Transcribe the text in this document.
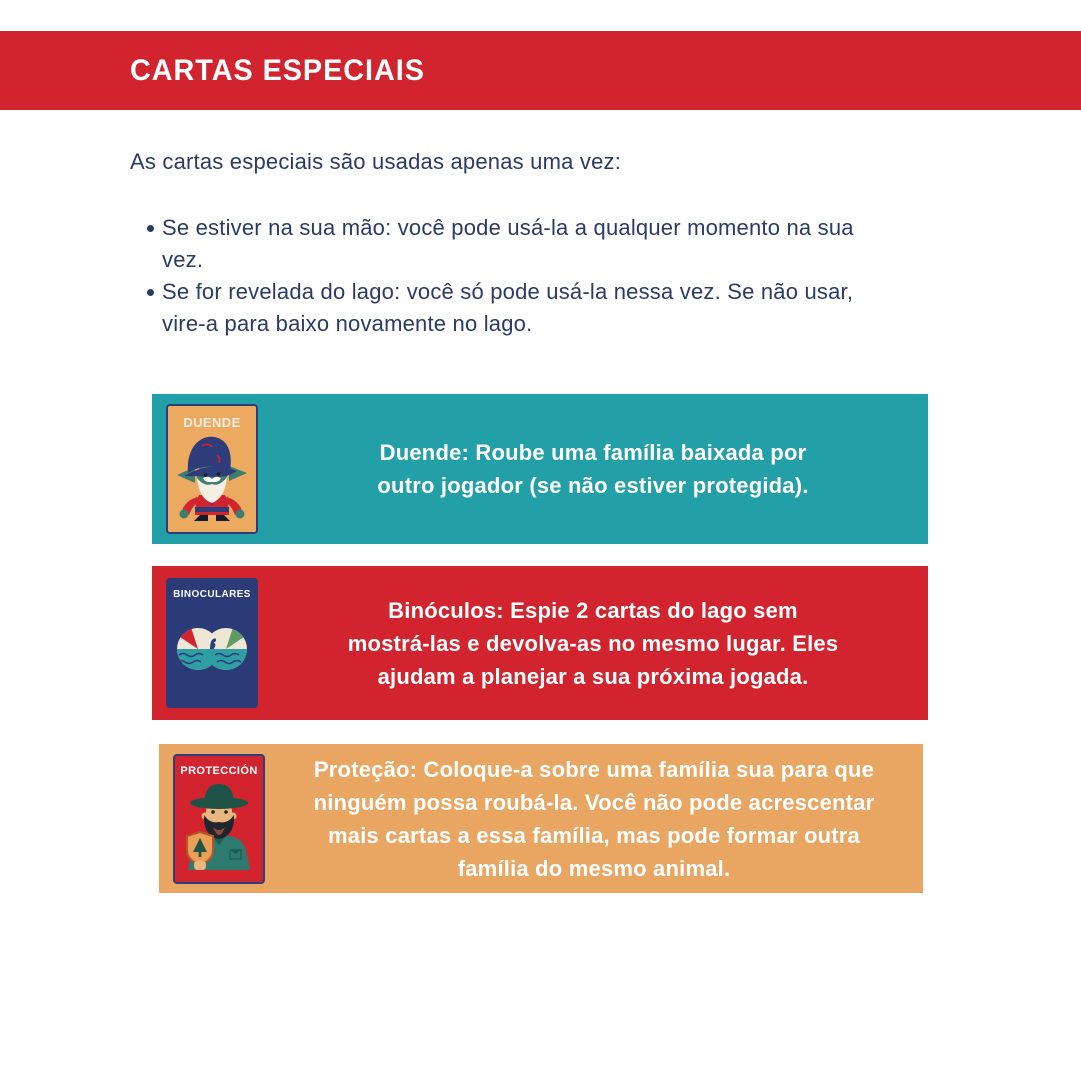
CARTAS ESPECIAIS

As cartas especiais são usadas apenas uma vez:

Se estiver na sua mão: você pode usá-la a qualquer momento na sua
vez.
Se for revelada do lago: você só pode usá-la nessa vez. Se não usar,
vire-a para baixo novamente no lago.
DUENDE
Duende: Roube uma família baixada por
outro jogador (se não estiver protegida).
BINOCULARES
Binóculos: Espie 2 cartas do lago sem
mostrá-las e devolva-as no mesmo lugar. Eles
ajudam a planejar a sua próxima jogada.
PROTECCIÓN	Proteção: Coloque-a sobre uma família sua para que
ninguém possa roubá-la. Você não pode acrescentar
mais cartas a essa família, mas pode formar outra
família do mesmo animal.
